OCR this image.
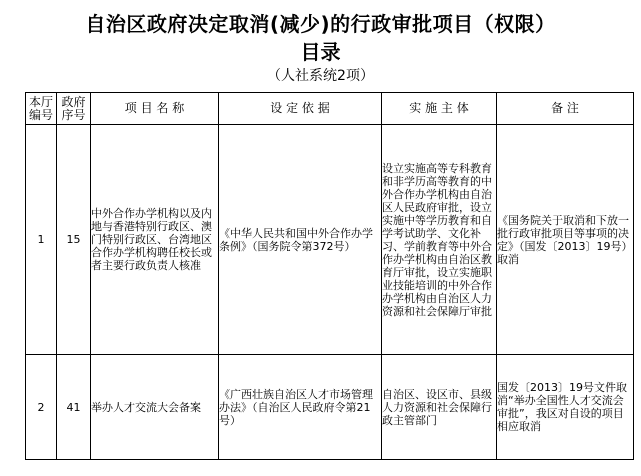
自治区政府决定取消(减少)的行政审批项目（权限）
目录
（人社系统2项）
本厅编号	政府序号	项 目 名 称	设 定 依 据	实 施 主 体	备 注
1	15	中外合作办学机构以及内地与香港特别行政区、澳门特别行政区、台湾地区合作办学机构聘任校长或者主要行政负责人核准	《中华人民共和国中外合作办学条例》（国务院令第372号）	设立实施高等专科教育和非学历高等教育的中外合作办学机构由自治区人民政府审批，设立实施中等学历教育和自学考试助学、文化补习、学前教育等中外合作办学机构由自治区教育厅审批，设立实施职业技能培训的中外合作办学机构由自治区人力资源和社会保障厅审批	《国务院关于取消和下放一批行政审批项目等事项的决定》（国发〔2013〕19号）取消

2	41	举办人才交流大会备案	《广西壮族自治区人才市场管理办法》（自治区人民政府令第21号）	自治区、设区市、县级人力资源和社会保障行政主管部门	国发〔2013〕19号文件取消“举办全国性人才交流会审批”，我区对自设的项目相应取消
